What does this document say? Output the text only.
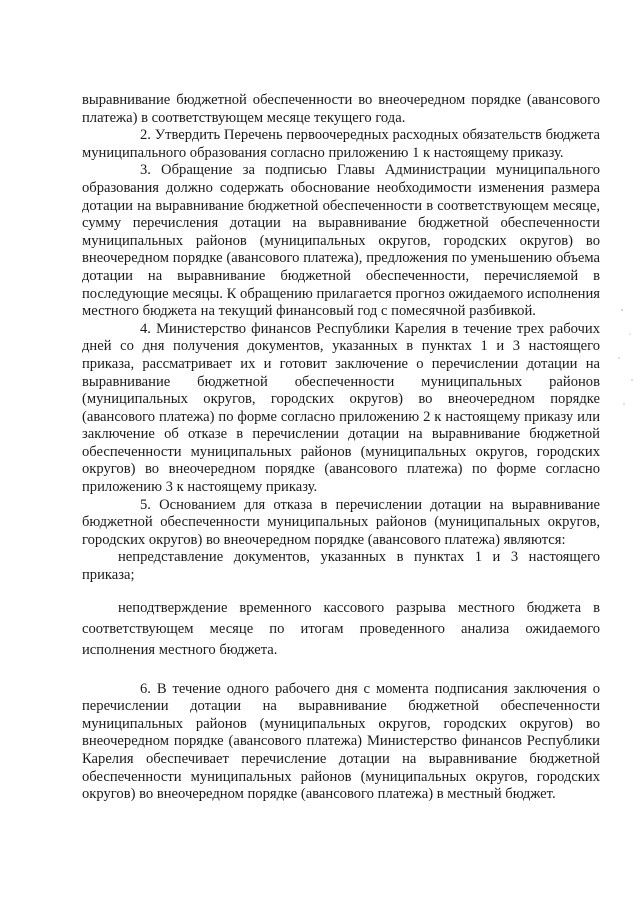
выравнивание бюджетной обеспеченности во внеочередном порядке (авансового платежа) в соответствующем месяце текущего года.

2. Утвердить Перечень первоочередных расходных обязательств бюджета муниципального образования согласно приложению 1 к настоящему приказу.

3. Обращение за подписью Главы Администрации муниципального образования должно содержать обоснование необходимости изменения размера дотации на выравнивание бюджетной обеспеченности в соответствующем месяце, сумму перечисления дотации на выравнивание бюджетной обеспеченности муниципальных районов (муниципальных округов, городских округов) во внеочередном порядке (авансового платежа), предложения по уменьшению объема дотации на выравнивание бюджетной обеспеченности, перечисляемой в последующие месяцы. К обращению прилагается прогноз ожидаемого исполнения местного бюджета на текущий финансовый год с помесячной разбивкой.

4. Министерство финансов Республики Карелия в течение трех рабочих дней со дня получения документов, указанных в пунктах 1 и 3 настоящего приказа, рассматривает их и готовит заключение о перечислении дотации на выравнивание бюджетной обеспеченности муниципальных районов (муниципальных округов, городских округов) во внеочередном порядке (авансового платежа) по форме согласно приложению 2 к настоящему приказу или заключение об отказе в перечислении дотации на выравнивание бюджетной обеспеченности муниципальных районов (муниципальных округов, городских округов) во внеочередном порядке (авансового платежа) по форме согласно приложению 3 к настоящему приказу.

5. Основанием для отказа в перечислении дотации на выравнивание бюджетной обеспеченности муниципальных районов (муниципальных округов, городских округов) во внеочередном порядке (авансового платежа) являются:

непредставление документов, указанных в пунктах 1 и 3 настоящего приказа;

неподтверждение временного кассового разрыва местного бюджета в соответствующем месяце по итогам проведенного анализа ожидаемого исполнения местного бюджета.

6. В течение одного рабочего дня с момента подписания заключения о перечислении дотации на выравнивание бюджетной обеспеченности муниципальных районов (муниципальных округов, городских округов) во внеочередном порядке (авансового платежа) Министерство финансов Республики Карелия обеспечивает перечисление дотации на выравнивание бюджетной обеспеченности муниципальных районов (муниципальных округов, городских округов) во внеочередном порядке (авансового платежа) в местный бюджет.
